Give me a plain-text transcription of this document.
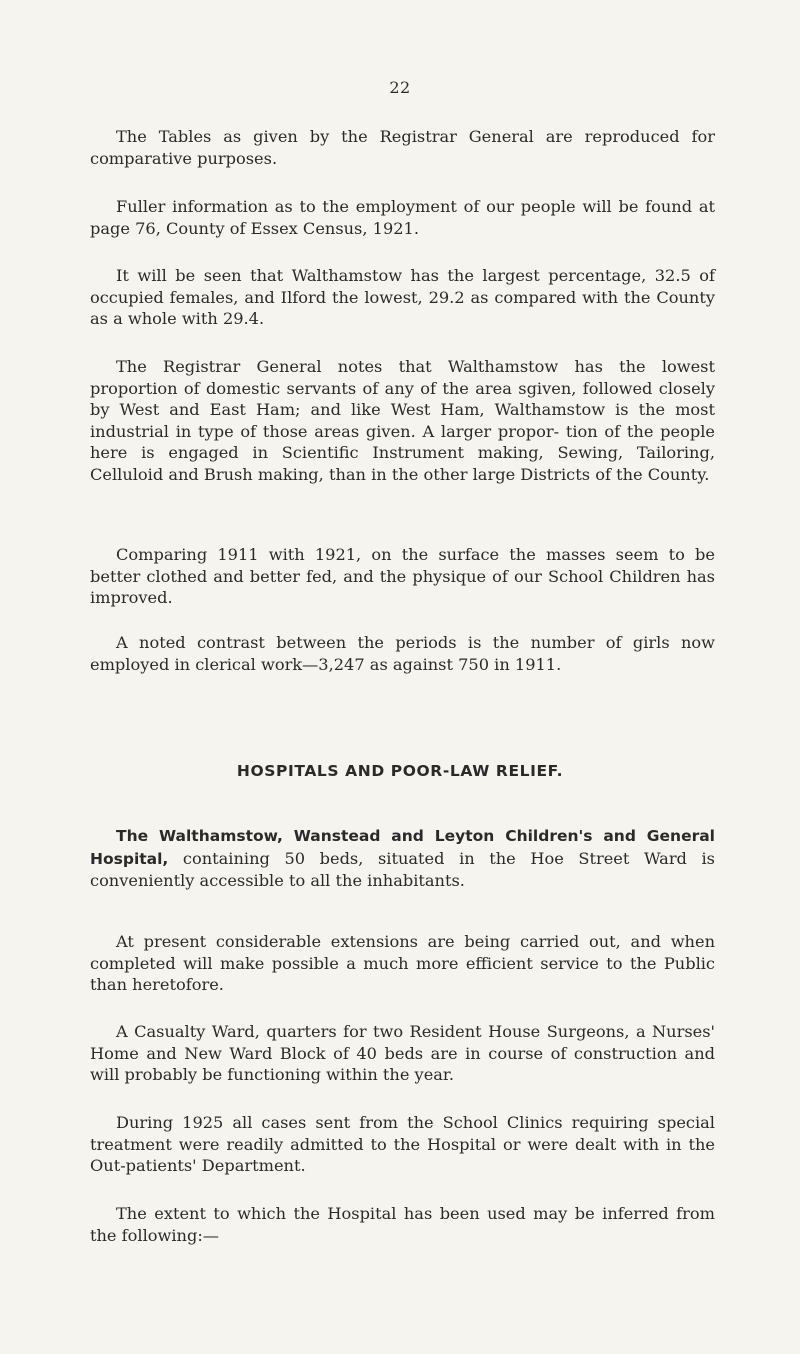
22

The Tables as given by the Registrar General are reproduced for comparative purposes.

Fuller information as to the employment of our people will be found at page 76, County of Essex Census, 1921.

It will be seen that Walthamstow has the largest percentage, 32.5 of occupied females, and Ilford the lowest, 29.2 as compared with the County as a whole with 29.4.

The Registrar General notes that Walthamstow has the lowest proportion of domestic servants of any of the area sgiven, followed closely by West and East Ham; and like West Ham, Walthamstow is the most industrial in type of those areas given. A larger propor- tion of the people here is engaged in Scientific Instrument making, Sewing, Tailoring, Celluloid and Brush making, than in the other large Districts of the County.

Comparing 1911 with 1921, on the surface the masses seem to be better clothed and better fed, and the physique of our School Children has improved.

A noted contrast between the periods is the number of girls now employed in clerical work—3,247 as against 750 in 1911.

HOSPITALS AND POOR-LAW RELIEF.

The Walthamstow, Wanstead and Leyton Children's and General Hospital, containing 50 beds, situated in the Hoe Street Ward is conveniently accessible to all the inhabitants.

At present considerable extensions are being carried out, and when completed will make possible a much more efficient service to the Public than heretofore.

A Casualty Ward, quarters for two Resident House Surgeons, a Nurses' Home and New Ward Block of 40 beds are in course of construction and will probably be functioning within the year.

During 1925 all cases sent from the School Clinics requiring special treatment were readily admitted to the Hospital or were dealt with in the Out-patients' Department.

The extent to which the Hospital has been used may be inferred from the following:—
